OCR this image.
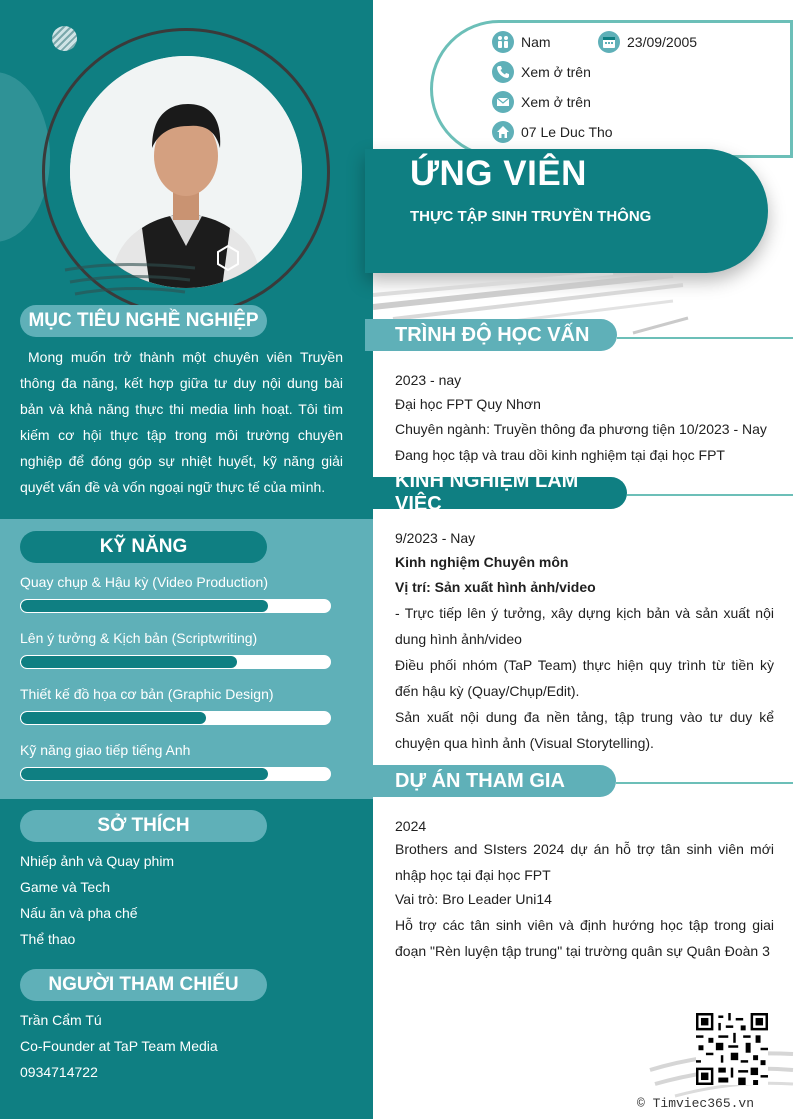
MỤC TIÊU NGHỀ NGHIỆP

Mong muốn trở thành một chuyên viên Truyền thông đa năng, kết hợp giữa tư duy nội dung bài bản và khả năng thực thi media linh hoạt. Tôi tìm kiếm cơ hội thực tập trong môi trường chuyên nghiệp để đóng góp sự nhiệt huyết, kỹ năng giải quyết vấn đề và vốn ngoại ngữ thực tế của mình.

KỸ NĂNG
Quay chụp & Hậu kỳ (Video Production)
Lên ý tưởng & Kịch bản (Scriptwriting)
Thiết kế đồ họa cơ bản (Graphic Design)
Kỹ năng giao tiếp tiếng Anh
SỞ THÍCH
Nhiếp ảnh và Quay phim
Game và Tech
Nấu ăn và pha chế
Thể thao
NGƯỜI THAM CHIẾU
Trần Cẩm Tú
Co-Founder at TaP Team Media
0934714722
Nam	23/09/2005
Xem ở trên
Xem ở trên
07 Le Duc Tho
ỨNG VIÊN
THỰC TẬP SINH TRUYỀN THÔNG
TRÌNH ĐỘ HỌC VẤN
2023 - nay
Đại học FPT Quy Nhơn
Chuyên ngành: Truyền thông đa phương tiện 10/2023 - Nay
Đang học tập và trau dồi kinh nghiệm tại đại học FPT
KINH NGHIỆM LÀM VIỆC
9/2023 - Nay
Kinh nghiệm Chuyên môn
Vị trí: Sản xuất hình ảnh/video
- Trực tiếp lên ý tưởng, xây dựng kịch bản và sản xuất nội dung hình ảnh/video
Điều phối nhóm (TaP Team) thực hiện quy trình từ tiền kỳ đến hậu kỳ (Quay/Chụp/Edit).
Sản xuất nội dung đa nền tảng, tập trung vào tư duy kể chuyện qua hình ảnh (Visual Storytelling).
DỰ ÁN THAM GIA
2024
Brothers and SIsters 2024 dự án hỗ trợ tân sinh viên mới nhập học tại đại học FPT
Vai trò: Bro Leader Uni14
Hỗ trợ các tân sinh viên và định hướng học tập trong giai đoạn "Rèn luyện tập trung" tại trường quân sự Quân Đoàn 3
© Timviec365.vn
